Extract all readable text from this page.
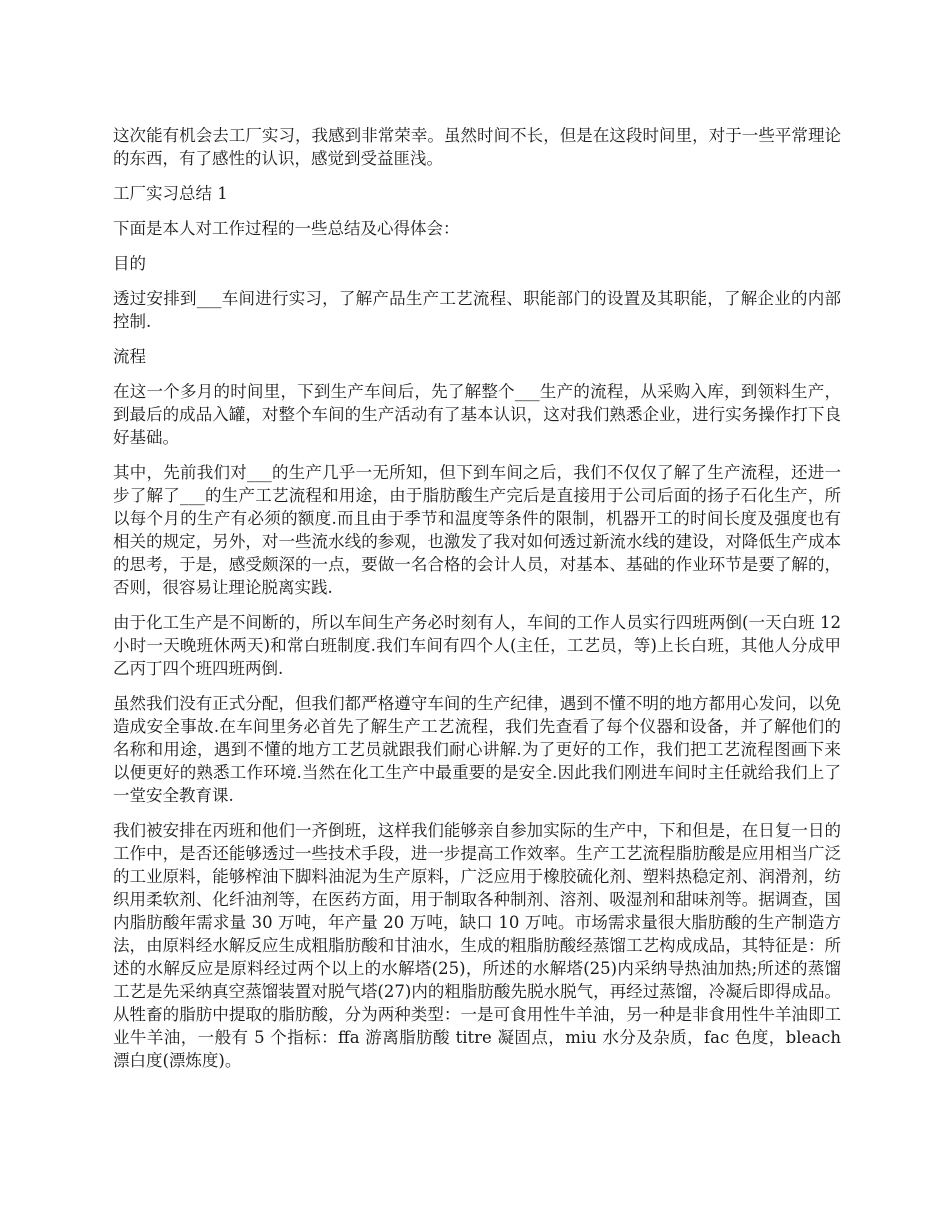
这次能有机会去工厂实习，我感到非常荣幸。虽然时间不长，但是在这段时间里，对于一些平常理论的东西，有了感性的认识，感觉到受益匪浅。

工厂实习总结 1

下面是本人对工作过程的一些总结及心得体会：

目的

透过安排到___车间进行实习，了解产品生产工艺流程、职能部门的设置及其职能，了解企业的内部控制.

流程

在这一个多月的时间里，下到生产车间后，先了解整个___生产的流程，从采购入库，到领料生产，到最后的成品入罐，对整个车间的生产活动有了基本认识，这对我们熟悉企业，进行实务操作打下良好基础。

其中，先前我们对___的生产几乎一无所知，但下到车间之后，我们不仅仅了解了生产流程，还进一步了解了___的生产工艺流程和用途，由于脂肪酸生产完后是直接用于公司后面的扬子石化生产，所以每个月的生产有必须的额度.而且由于季节和温度等条件的限制，机器开工的时间长度及强度也有相关的规定，另外，对一些流水线的参观，也激发了我对如何透过新流水线的建设，对降低生产成本的思考，于是，感受颇深的一点，要做一名合格的会计人员，对基本、基础的作业环节是要了解的，否则，很容易让理论脱离实践.

由于化工生产是不间断的，所以车间生产务必时刻有人，车间的工作人员实行四班两倒(一天白班 12 小时一天晚班休两天)和常白班制度.我们车间有四个人(主任，工艺员，等)上长白班，其他人分成甲乙丙丁四个班四班两倒.

虽然我们没有正式分配，但我们都严格遵守车间的生产纪律，遇到不懂不明的地方都用心发问，以免造成安全事故.在车间里务必首先了解生产工艺流程，我们先查看了每个仪器和设备，并了解他们的名称和用途，遇到不懂的地方工艺员就跟我们耐心讲解.为了更好的工作，我们把工艺流程图画下来以便更好的熟悉工作环境.当然在化工生产中最重要的是安全.因此我们刚进车间时主任就给我们上了一堂安全教育课.

我们被安排在丙班和他们一齐倒班，这样我们能够亲自参加实际的生产中，下和但是，在日复一日的工作中，是否还能够透过一些技术手段，进一步提高工作效率。生产工艺流程脂肪酸是应用相当广泛的工业原料，能够榨油下脚料油泥为生产原料，广泛应用于橡胶硫化剂、塑料热稳定剂、润滑剂，纺织用柔软剂、化纤油剂等，在医药方面，用于制取各种制剂、溶剂、吸湿剂和甜味剂等。据调查，国内脂肪酸年需求量 30 万吨，年产量 20 万吨，缺口 10 万吨。市场需求量很大脂肪酸的生产制造方法，由原料经水解反应生成粗脂肪酸和甘油水，生成的粗脂肪酸经蒸馏工艺构成成品，其特征是：所述的水解反应是原料经过两个以上的水解塔(25)，所述的水解塔(25)内采纳导热油加热;所述的蒸馏工艺是先采纳真空蒸馏装置对脱气塔(27)内的粗脂肪酸先脱水脱气，再经过蒸馏，冷凝后即得成品。从牲畜的脂肪中提取的脂肪酸，分为两种类型：一是可食用性牛羊油，另一种是非食用性牛羊油即工业牛羊油，一般有 5 个指标：ffa 游离脂肪酸 titre 凝固点，miu 水分及杂质，fac 色度，bleach 漂白度(漂炼度)。
